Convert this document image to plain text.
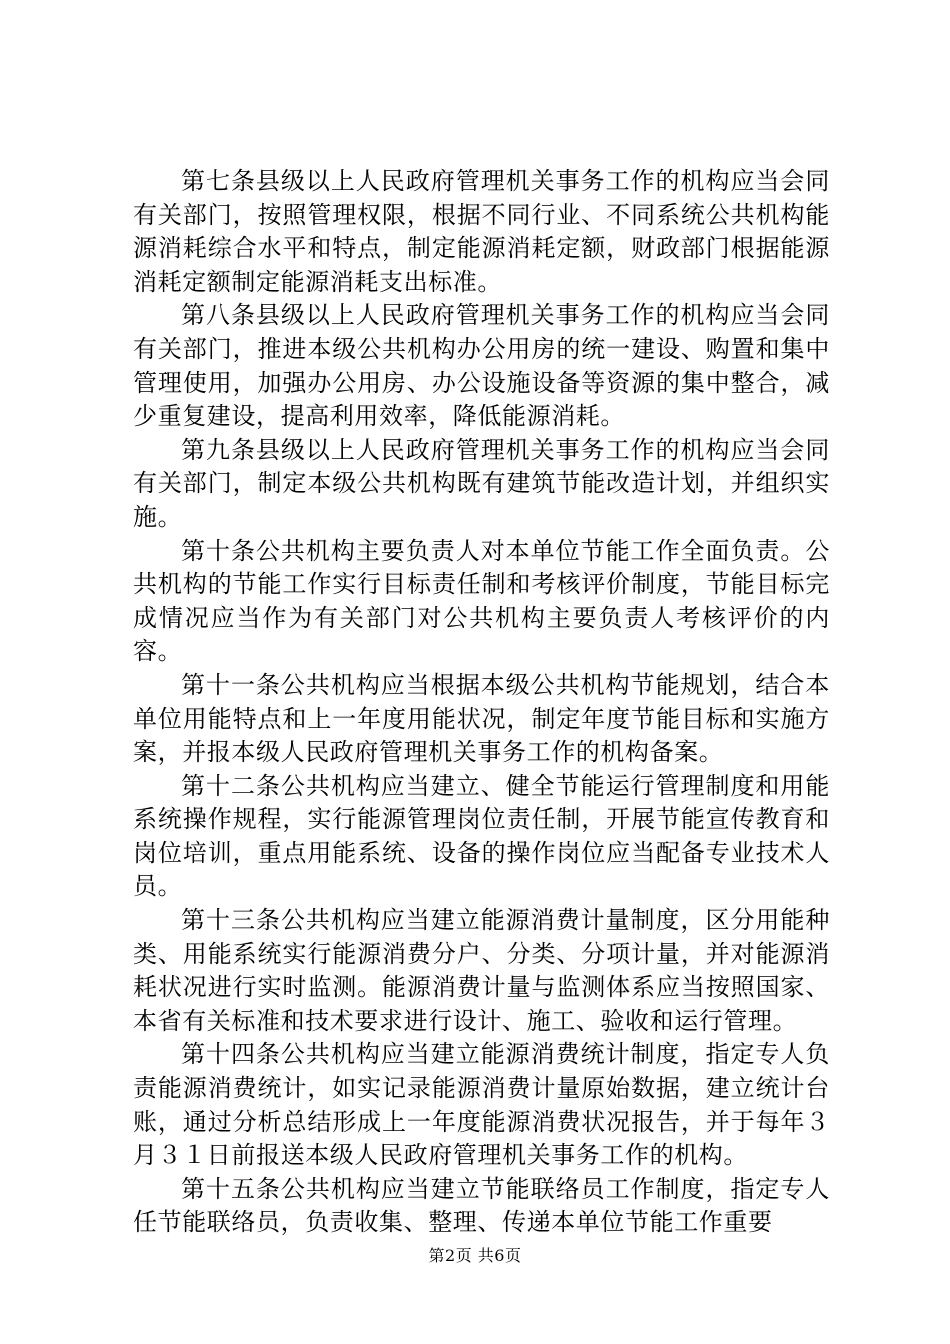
第七条县级以上人民政府管理机关事务工作的机构应当会同有关部门，按照管理权限，根据不同行业、不同系统公共机构能源消耗综合水平和特点，制定能源消耗定额，财政部门根据能源消耗定额制定能源消耗支出标准。

第八条县级以上人民政府管理机关事务工作的机构应当会同有关部门，推进本级公共机构办公用房的统一建设、购置和集中管理使用，加强办公用房、办公设施设备等资源的集中整合，减少重复建设，提高利用效率，降低能源消耗。

第九条县级以上人民政府管理机关事务工作的机构应当会同有关部门，制定本级公共机构既有建筑节能改造计划，并组织实施。

第十条公共机构主要负责人对本单位节能工作全面负责。公共机构的节能工作实行目标责任制和考核评价制度，节能目标完成情况应当作为有关部门对公共机构主要负责人考核评价的内容。

第十一条公共机构应当根据本级公共机构节能规划，结合本单位用能特点和上一年度用能状况，制定年度节能目标和实施方案，并报本级人民政府管理机关事务工作的机构备案。

第十二条公共机构应当建立、健全节能运行管理制度和用能系统操作规程，实行能源管理岗位责任制，开展节能宣传教育和岗位培训，重点用能系统、设备的操作岗位应当配备专业技术人员。

第十三条公共机构应当建立能源消费计量制度，区分用能种类、用能系统实行能源消费分户、分类、分项计量，并对能源消耗状况进行实时监测。能源消费计量与监测体系应当按照国家、本省有关标准和技术要求进行设计、施工、验收和运行管理。

第十四条公共机构应当建立能源消费统计制度，指定专人负责能源消费统计，如实记录能源消费计量原始数据，建立统计台账，通过分析总结形成上一年度能源消费状况报告，并于每年３月３１日前报送本级人民政府管理机关事务工作的机构。

第十五条公共机构应当建立节能联络员工作制度，指定专人任节能联络员，负责收集、整理、传递本单位节能工作重要

第2页 共6页
